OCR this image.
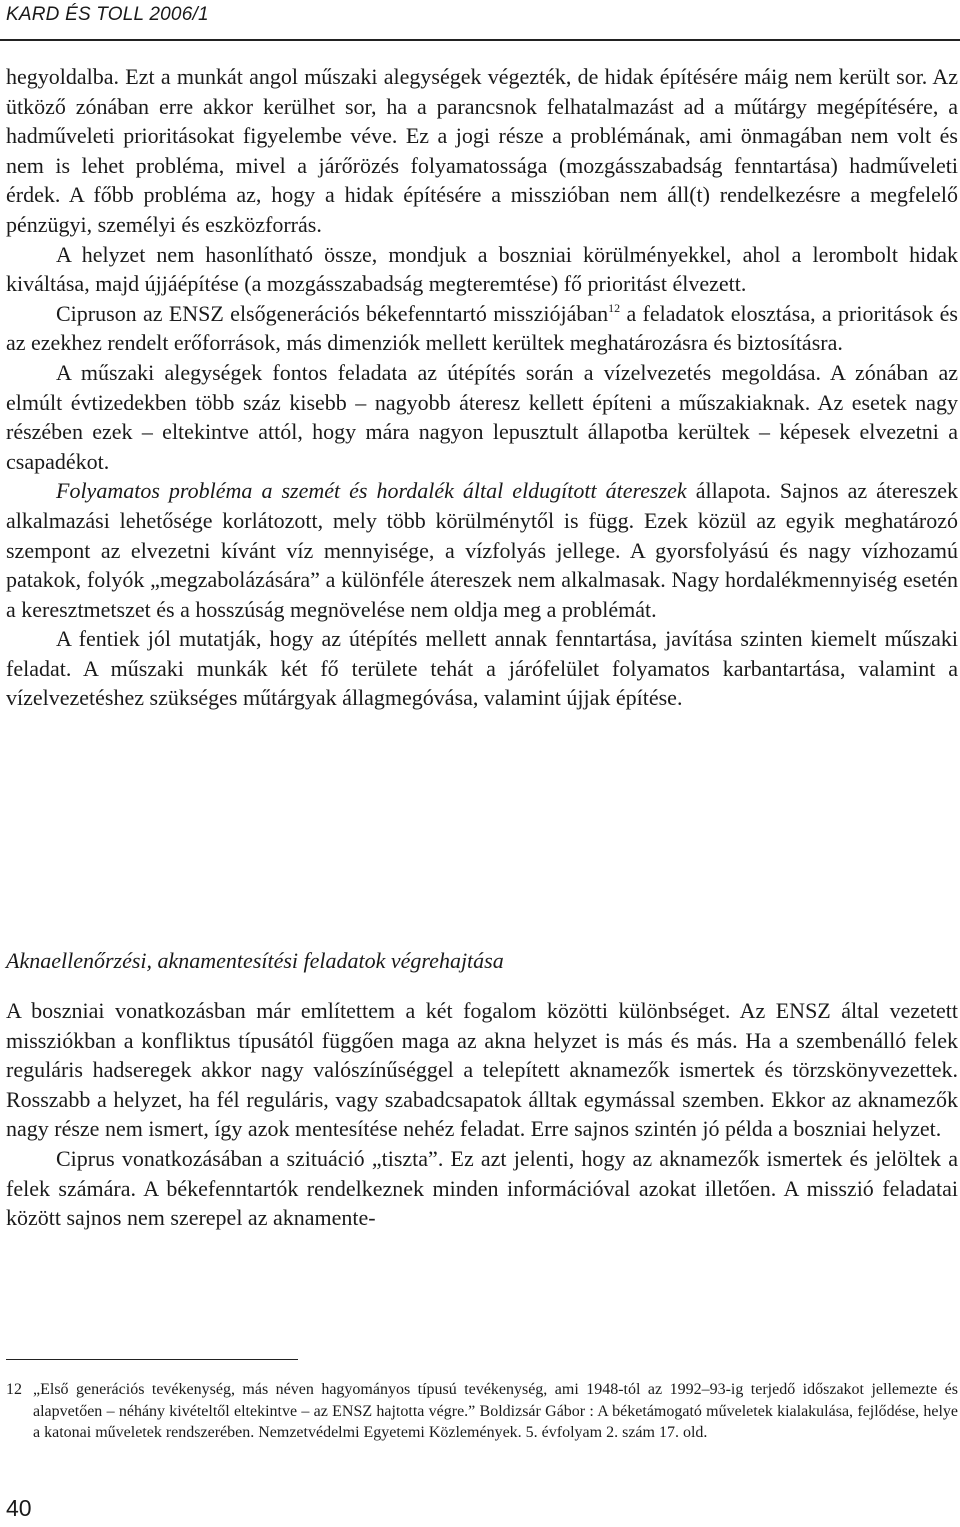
KARD ÉS TOLL 2006/1

hegyoldalba. Ezt a munkát angol műszaki alegységek végezték, de hidak építésére máig nem került sor. Az ütköző zónában erre akkor kerülhet sor, ha a parancsnok felhatalmazást ad a műtárgy megépítésére, a hadműveleti prioritásokat figyelembe véve. Ez a jogi része a problémának, ami önmagában nem volt és nem is lehet probléma, mivel a járőrözés folyamatossága (mozgásszabadság fenntartása) hadműveleti érdek. A főbb probléma az, hogy a hidak építésére a misszióban nem áll(t) rendelkezésre a megfelelő pénzügyi, személyi és eszközforrás.

A helyzet nem hasonlítható össze, mondjuk a boszniai körülményekkel, ahol a lerombolt hidak kiváltása, majd újjáépítése (a mozgásszabadság megteremtése) fő prioritást élvezett.

Cipruson az ENSZ elsőgenerációs békefenntartó missziójában$^{12}$ a feladatok elosztása, a prioritások és az ezekhez rendelt erőforrások, más dimenziók mellett kerültek meghatározásra és biztosításra.

A műszaki alegységek fontos feladata az útépítés során a vízelvezetés megoldása. A zónában az elmúlt évtizedekben több száz kisebb – nagyobb áteresz kellett építeni a műszakiaknak. Az esetek nagy részében ezek – eltekintve attól, hogy mára nagyon lepusztult állapotba kerültek – képesek elvezetni a csapadékot.

Folyamatos probléma a szemét és hordalék által eldugított átereszek állapota. Sajnos az átereszek alkalmazási lehetősége korlátozott, mely több körülménytől is függ. Ezek közül az egyik meghatározó szempont az elvezetni kívánt víz mennyisége, a vízfolyás jellege. A gyorsfolyású és nagy vízhozamú patakok, folyók „megzabolázására” a különféle átereszek nem alkalmasak. Nagy hordalékmennyiség esetén a keresztmetszet és a hosszúság megnövelése nem oldja meg a problémát.

A fentiek jól mutatják, hogy az útépítés mellett annak fenntartása, javítása szinten kiemelt műszaki feladat. A műszaki munkák két fő területe tehát a járófelület folyamatos karbantartása, valamint a vízelvezetéshez szükséges műtárgyak állagmegóvása, valamint újjak építése.

Aknaellenőrzési, aknamentesítési feladatok végrehajtása

A boszniai vonatkozásban már említettem a két fogalom közötti különbséget. Az ENSZ által vezetett missziókban a konfliktus típusától függően maga az akna helyzet is más és más. Ha a szembenálló felek reguláris hadseregek akkor nagy valószínűséggel a telepített aknamezők ismertek és törzskönyvezettek. Rosszabb a helyzet, ha fél reguláris, vagy szabadcsapatok álltak egymással szemben. Ekkor az aknamezők nagy része nem ismert, így azok mentesítése nehéz feladat. Erre sajnos szintén jó példa a boszniai helyzet.

Ciprus vonatkozásában a szituáció „tiszta”. Ez azt jelenti, hogy az aknamezők ismertek és jelöltek a felek számára. A békefenntartók rendelkeznek minden információval azokat illetően. A misszió feladatai között sajnos nem szerepel az aknamente-

12 „Első generációs tevékenység, más néven hagyományos típusú tevékenység, ami 1948-tól az 1992–93-ig terjedő időszakot jellemezte és alapvetően – néhány kivételtől eltekintve – az ENSZ hajtotta végre.” Boldizsár Gábor : A béketámogató műveletek kialakulása, fejlődése, helye a katonai műveletek rendszerében. Nemzetvédelmi Egyetemi Közlemények. 5. évfolyam 2. szám 17. old.
40
